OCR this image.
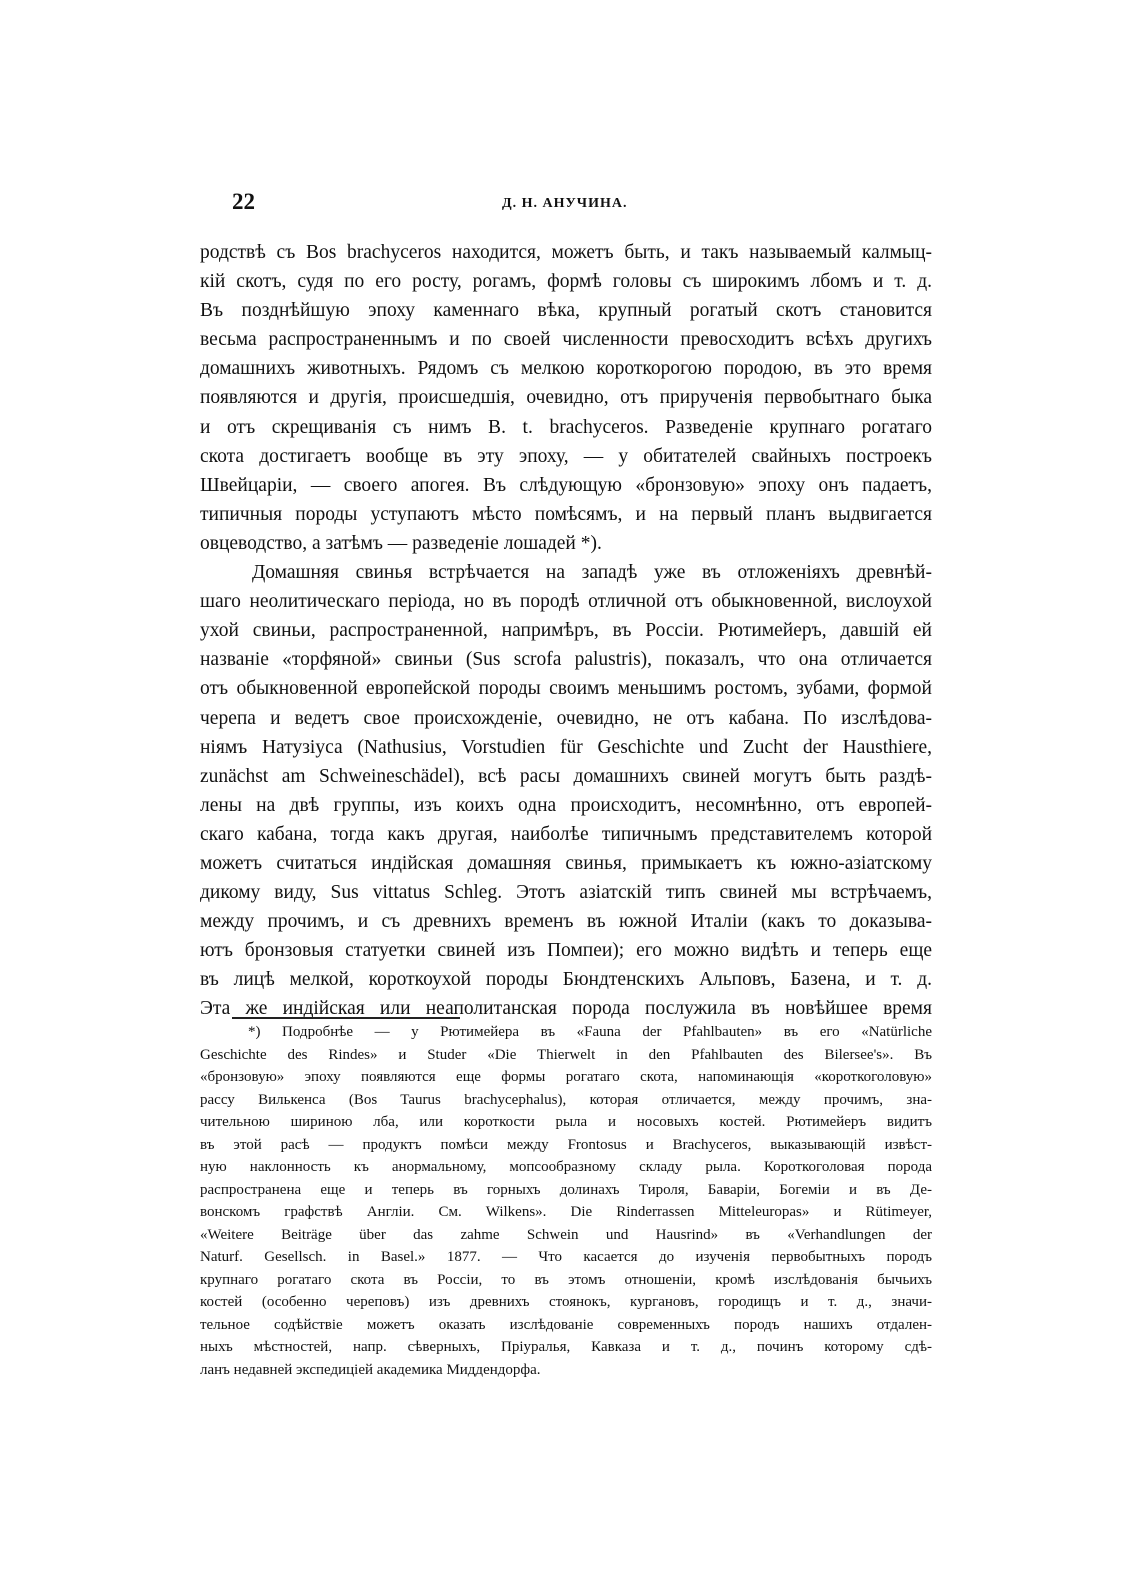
22	Д. Н. АНУЧИНА.
родствѣ съ Bos brachyceros находится, можетъ быть, и такъ называемый калмыц-
кій скотъ, судя по его росту, рогамъ, формѣ головы съ широкимъ лбомъ и т. д.
Въ позднѣйшую эпоху каменнаго вѣка, крупный рогатый скотъ становится
весьма распространеннымъ и по своей численности превосходитъ всѣхъ другихъ
домашнихъ животныхъ. Рядомъ съ мелкою короткорогою породою, въ это время
появляются и другія, происшедшія, очевидно, отъ прирученія первобытнаго быка
и отъ скрещиванія съ нимъ B. t. brachyceros. Разведеніе крупнаго рогатаго
скота достигаетъ вообще въ эту эпоху, — у обитателей свайныхъ построекъ
Швейцаріи, — своего апогея. Въ слѣдующую «бронзовую» эпоху онъ падаетъ,
типичныя породы уступаютъ мѣсто помѣсямъ, и на первый планъ выдвигается
овцеводство, а затѣмъ — разведеніе лошадей *).
Домашняя свинья встрѣчается на западѣ уже въ отложеніяхъ древнѣй-
шаго неолитическаго періода, но въ породѣ отличной отъ обыкновенной, вислоухой
ухой свиньи, распространенной, напримѣръ, въ Россіи. Рютимейеръ, давшій ей
названіе «торфяной» свиньи (Sus scrofa palustris), показалъ, что она отличается
отъ обыкновенной европейской породы своимъ меньшимъ ростомъ, зубами, формой
черепа и ведетъ свое происхожденіе, очевидно, не отъ кабана. По изслѣдова-
ніямъ Натузіуса (Nathusius, Vorstudien für Geschichte und Zucht der Hausthiere,
zunächst am Schweineschädel), всѣ расы домашнихъ свиней могутъ быть раздѣ-
лены на двѣ группы, изъ коихъ одна происходитъ, несомнѣнно, отъ европей-
скаго кабана, тогда какъ другая, наиболѣе типичнымъ представителемъ которой
можетъ считаться индійская домашняя свинья, примыкаетъ къ южно-азіатскому
дикому виду, Sus vittatus Schleg. Этотъ азіатскій типъ свиней мы встрѣчаемъ,
между прочимъ, и съ древнихъ временъ въ южной Италіи (какъ то доказыва-
ютъ бронзовыя статуетки свиней изъ Помпеи); его можно видѣть и теперь еще
въ лицѣ мелкой, короткоухой породы Бюндтенскихъ Альповъ, Базена, и т. д.
Эта же индійская или неаполитанская порода послужила въ новѣйшее время
*) Подробнѣе — у Рютимейера въ «Fauna der Pfahlbauten» въ его «Natürliche
Geschichte des Rindes» и Studer «Die Thierwelt in den Pfahlbauten des Bilersee's». Въ
«бронзовую» эпоху появляются еще формы рогатаго скота, напоминающія «короткоголовую»
рассу Вилькенса (Bos Taurus brachycephalus), которая отличается, между прочимъ, зна-
чительною шириною лба, или короткости рыла и носовыхъ костей. Рютимейеръ видитъ
въ этой расѣ — продуктъ помѣси между Frontosus и Brachyceros, выказывающій извѣст-
ную наклонность къ анормальному, мопсообразному складу рыла. Короткоголовая порода
распространена еще и теперь въ горныхъ долинахъ Тироля, Баваріи, Богеміи и въ Де-
вонскомъ графствѣ Англіи. См. Wilkens». Die Rinderrassen Mitteleuropas» и Rütimeyer,
«Weitere Beiträge über das zahme Schwein und Hausrind» въ «Verhandlungen der
Naturf. Gesellsch. in Basel.» 1877. — Что касается до изученія первобытныхъ породъ
крупнаго рогатаго скота въ Россіи, то въ этомъ отношеніи, кромѣ изслѣдованія бычьихъ
костей (особенно череповъ) изъ древнихъ стоянокъ, кургановъ, городищъ и т. д., значи-
тельное содѣйствіе можетъ оказать изслѣдованіе современныхъ породъ нашихъ отдален-
ныхъ мѣстностей, напр. сѣверныхъ, Пріуралья, Кавказа и т. д., починъ которому сдѣ-
ланъ недавней экспедиціей академика Миддендорфа.
